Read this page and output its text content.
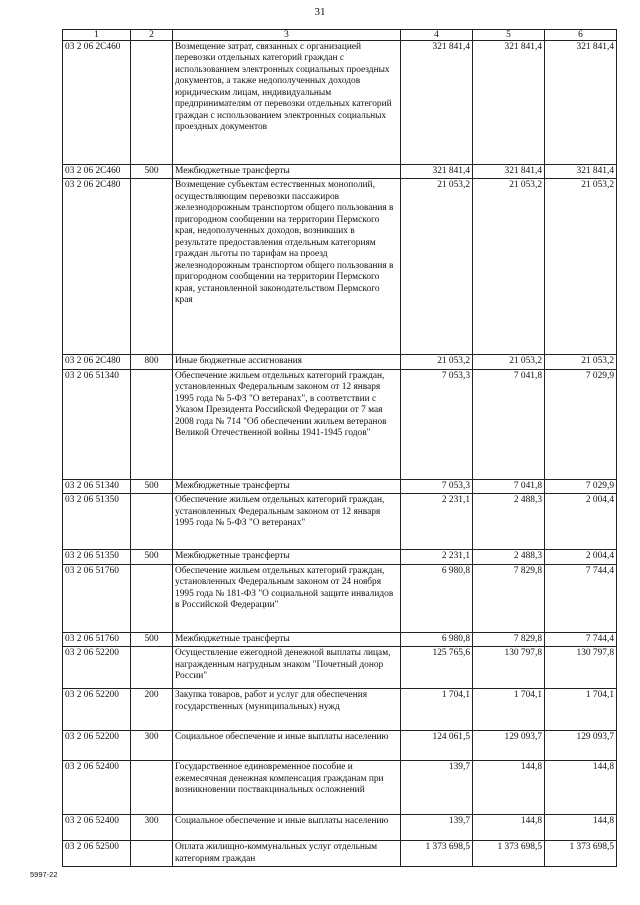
31
1	2	3	4	5	6
03 2 06 2С460		Возмещение затрат, связанных с организацией перевозки отдельных категорий граждан с использованием электронных социальных проездных документов, а также недополученных доходов юридическим лицам, индивидуальным предпринимателям от перевозки отдельных категорий граждан с использованием электронных социальных проездных документов	321 841,4	321 841,4	321 841,4
03 2 06 2С460	500	Межбюджетные трансферты	321 841,4	321 841,4	321 841,4
03 2 06 2С480		Возмещение субъектам естественных монополий, осуществляющим перевозки пассажиров железнодорожным транспортом общего пользования в пригородном сообщении на территории Пермского края, недополученных доходов, возникших в результате предоставления отдельным категориям граждан льготы по тарифам на проезд железнодорожным транспортом общего пользования в пригородном сообщении на территории Пермского края, установленной законодательством Пермского края	21 053,2	21 053,2	21 053,2
03 2 06 2С480	800	Иные бюджетные ассигнования	21 053,2	21 053,2	21 053,2
03 2 06 51340		Обеспечение жильем отдельных категорий граждан, установленных Федеральным законом от 12 января 1995 года № 5-ФЗ "О ветеранах", в соответствии с Указом Президента Российской Федерации от 7 мая 2008 года № 714 "Об обеспечении жильем ветеранов Великой Отечественной войны 1941-1945 годов"	7 053,3	7 041,8	7 029,9
03 2 06 51340	500	Межбюджетные трансферты	7 053,3	7 041,8	7 029,9
03 2 06 51350		Обеспечение жильем отдельных категорий граждан, установленных Федеральным законом от 12 января 1995 года № 5-ФЗ "О ветеранах"	2 231,1	2 488,3	2 004,4
03 2 06 51350	500	Межбюджетные трансферты	2 231,1	2 488,3	2 004,4
03 2 06 51760		Обеспечение жильем отдельных категорий граждан, установленных Федеральным законом от 24 ноября 1995 года № 181-ФЗ "О социальной защите инвалидов в Российской Федерации"	6 980,8	7 829,8	7 744,4
03 2 06 51760	500	Межбюджетные трансферты	6 980,8	7 829,8	7 744,4
03 2 06 52200		Осуществление ежегодной денежной выплаты лицам, награжденным нагрудным знаком "Почетный донор России"	125 765,6	130 797,8	130 797,8
03 2 06 52200	200	Закупка товаров, работ и услуг для обеспечения государственных (муниципальных) нужд	1 704,1	1 704,1	1 704,1
03 2 06 52200	300	Социальное обеспечение и иные выплаты населению	124 061,5	129 093,7	129 093,7
03 2 06 52400		Государственное единовременное пособие и ежемесячная денежная компенсация гражданам при возникновении поствакцинальных осложнений	139,7	144,8	144,8
03 2 06 52400	300	Социальное обеспечение и иные выплаты населению	139,7	144,8	144,8
03 2 06 52500		Оплата жилищно-коммунальных услуг отдельным категориям граждан	1 373 698,5	1 373 698,5	1 373 698,5
5997-22
